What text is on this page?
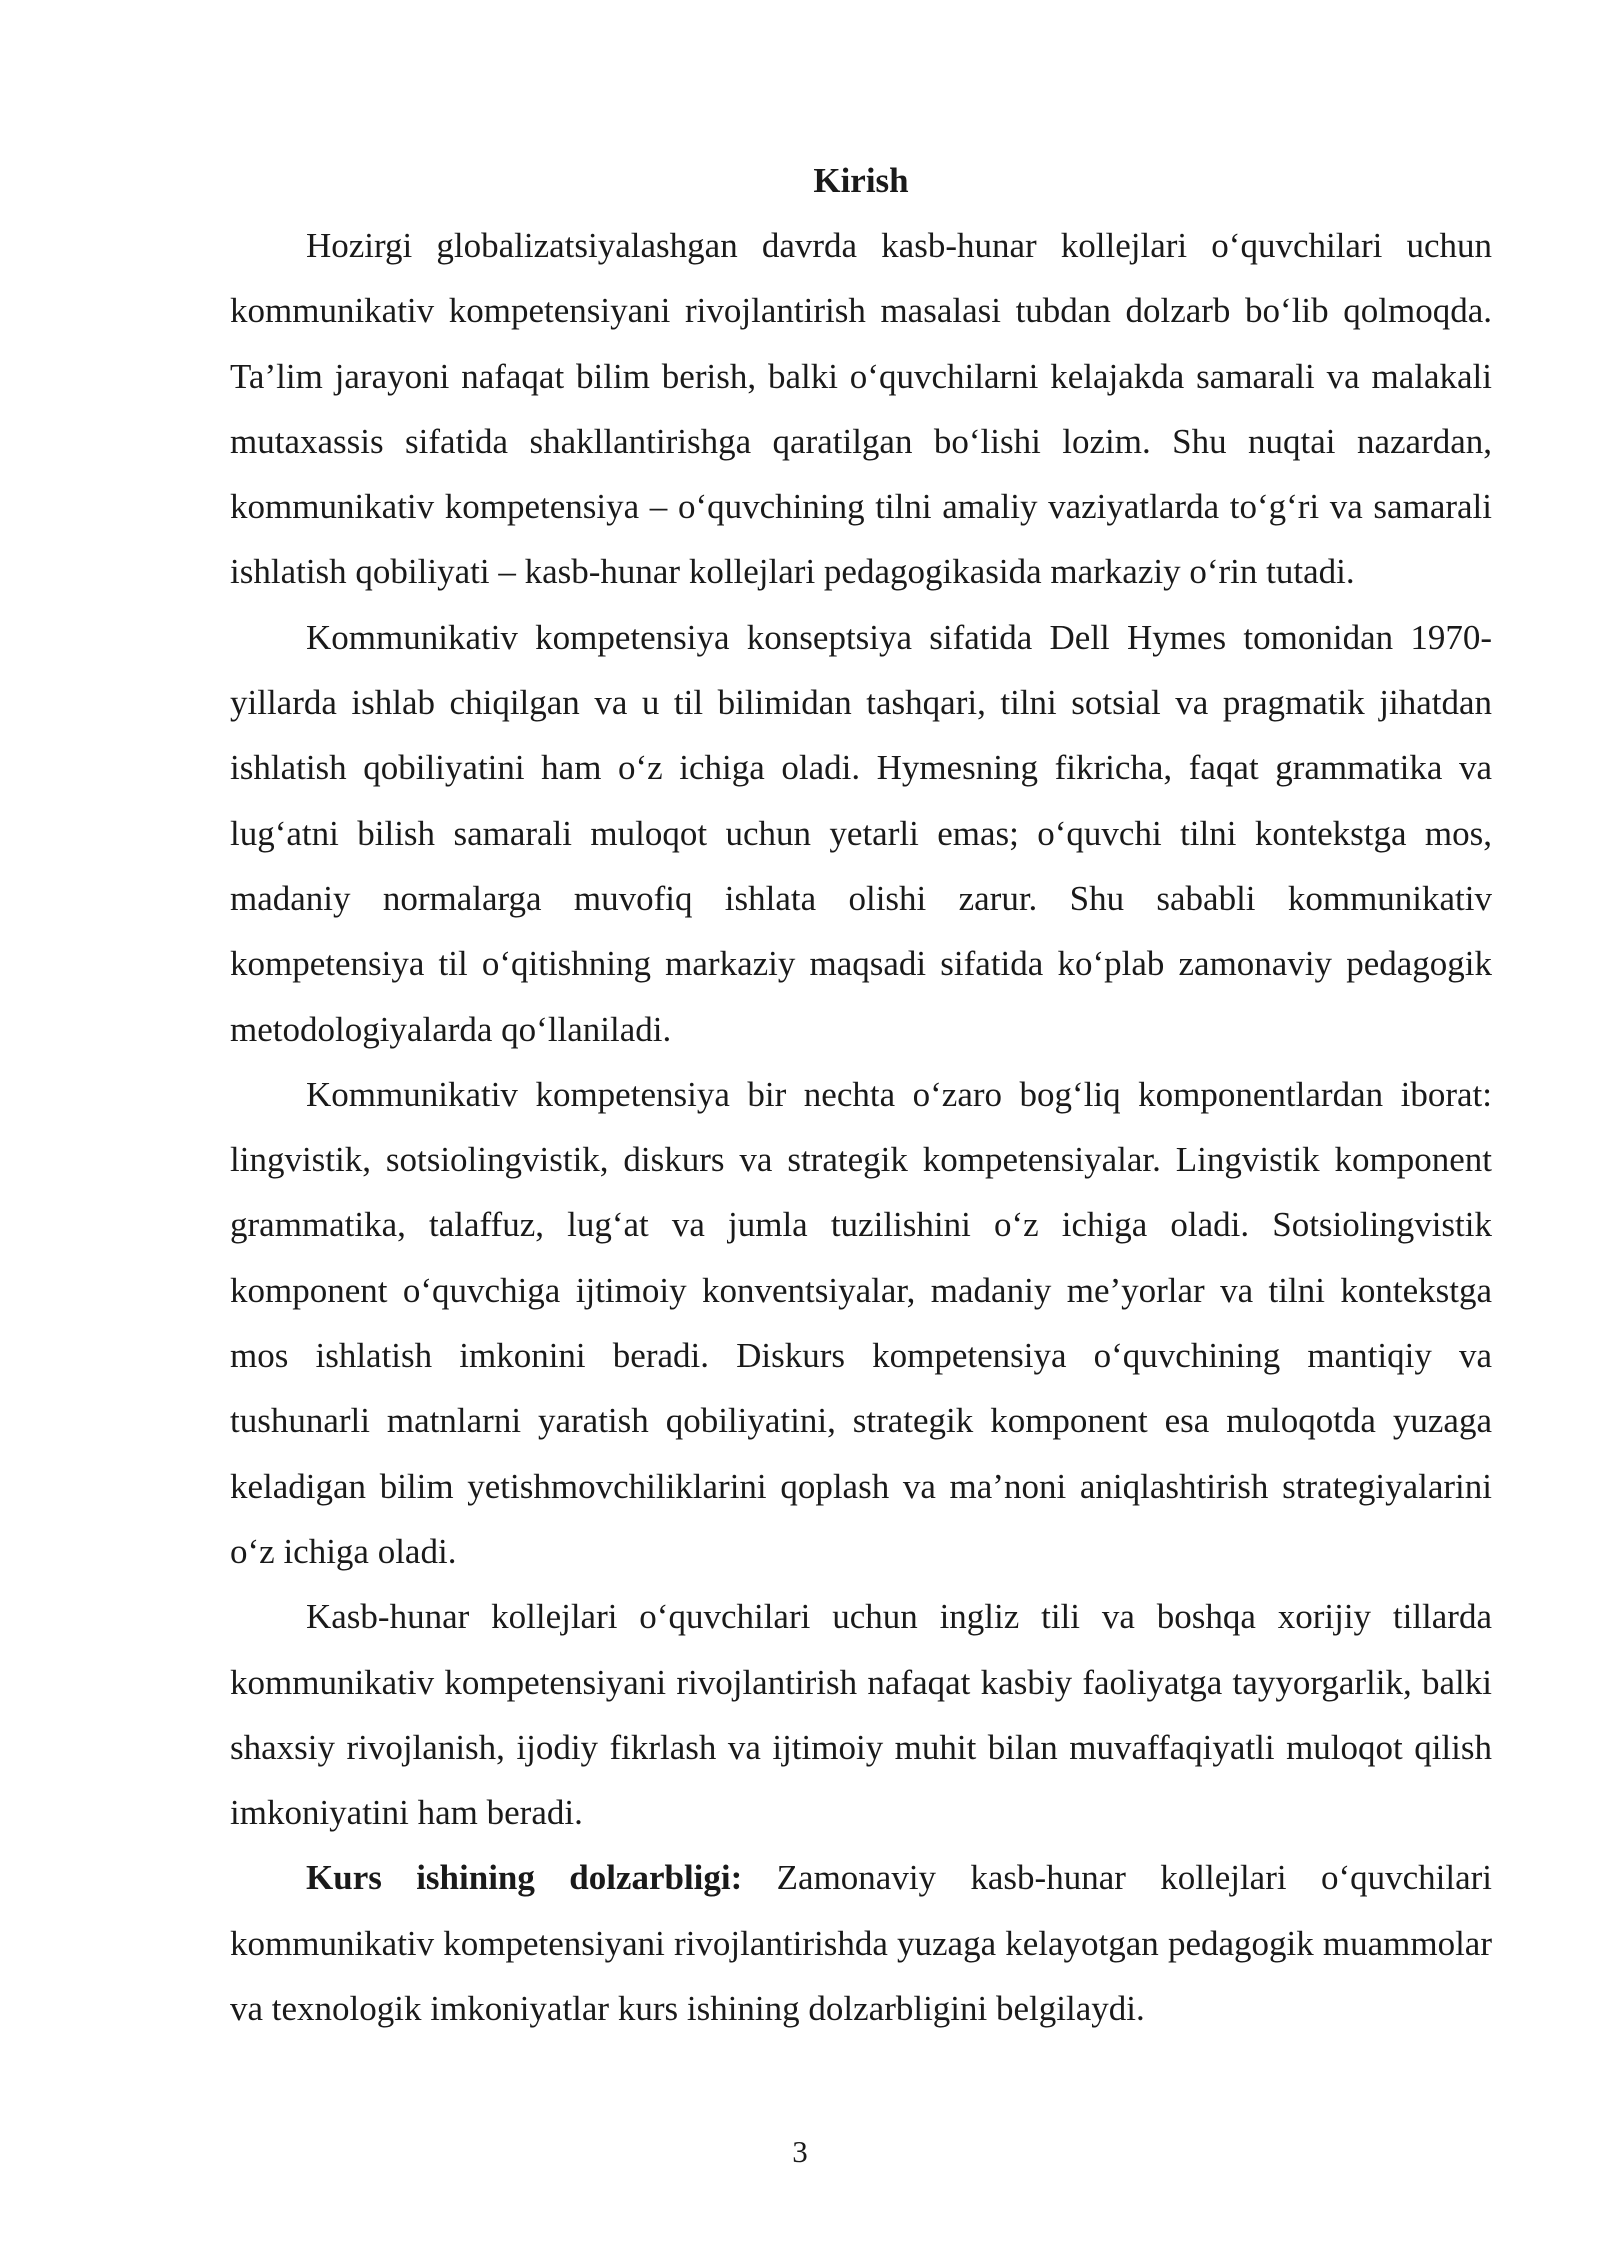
Kirish

Hozirgi globalizatsiyalashgan davrda kasb-hunar kollejlari o‘quvchilari uchun kommunikativ kompetensiyani rivojlantirish masalasi tubdan dolzarb bo‘lib qolmoqda. Ta’lim jarayoni nafaqat bilim berish, balki o‘quvchilarni kelajakda samarali va malakali mutaxassis sifatida shakllantirishga qaratilgan bo‘lishi lozim. Shu nuqtai nazardan, kommunikativ kompetensiya – o‘quvchining tilni amaliy vaziyatlarda to‘g‘ri va samarali ishlatish qobiliyati – kasb-hunar kollejlari pedagogikasida markaziy o‘rin tutadi.

Kommunikativ kompetensiya konseptsiya sifatida Dell Hymes tomonidan 1970-yillarda ishlab chiqilgan va u til bilimidan tashqari, tilni sotsial va pragmatik jihatdan ishlatish qobiliyatini ham o‘z ichiga oladi. Hymesning fikricha, faqat grammatika va lug‘atni bilish samarali muloqot uchun yetarli emas; o‘quvchi tilni kontekstga mos, madaniy normalarga muvofiq ishlata olishi zarur. Shu sababli kommunikativ kompetensiya til o‘qitishning markaziy maqsadi sifatida ko‘plab zamonaviy pedagogik metodologiyalarda qo‘llaniladi.

Kommunikativ kompetensiya bir nechta o‘zaro bog‘liq komponentlardan iborat: lingvistik, sotsiolingvistik, diskurs va strategik kompetensiyalar. Lingvistik komponent grammatika, talaffuz, lug‘at va jumla tuzilishini o‘z ichiga oladi. Sotsiolingvistik komponent o‘quvchiga ijtimoiy konventsiyalar, madaniy me’yorlar va tilni kontekstga mos ishlatish imkonini beradi. Diskurs kompetensiya o‘quvchining mantiqiy va tushunarli matnlarni yaratish qobiliyatini, strategik komponent esa muloqotda yuzaga keladigan bilim yetishmovchiliklarini qoplash va ma’noni aniqlashtirish strategiyalarini o‘z ichiga oladi.

Kasb-hunar kollejlari o‘quvchilari uchun ingliz tili va boshqa xorijiy tillarda kommunikativ kompetensiyani rivojlantirish nafaqat kasbiy faoliyatga tayyorgarlik, balki shaxsiy rivojlanish, ijodiy fikrlash va ijtimoiy muhit bilan muvaffaqiyatli muloqot qilish imkoniyatini ham beradi.

Kurs ishining dolzarbligi: Zamonaviy kasb-hunar kollejlari o‘quvchilari kommunikativ kompetensiyani rivojlantirishda yuzaga kelayotgan pedagogik muammolar va texnologik imkoniyatlar kurs ishining dolzarbligini belgilaydi.

3
